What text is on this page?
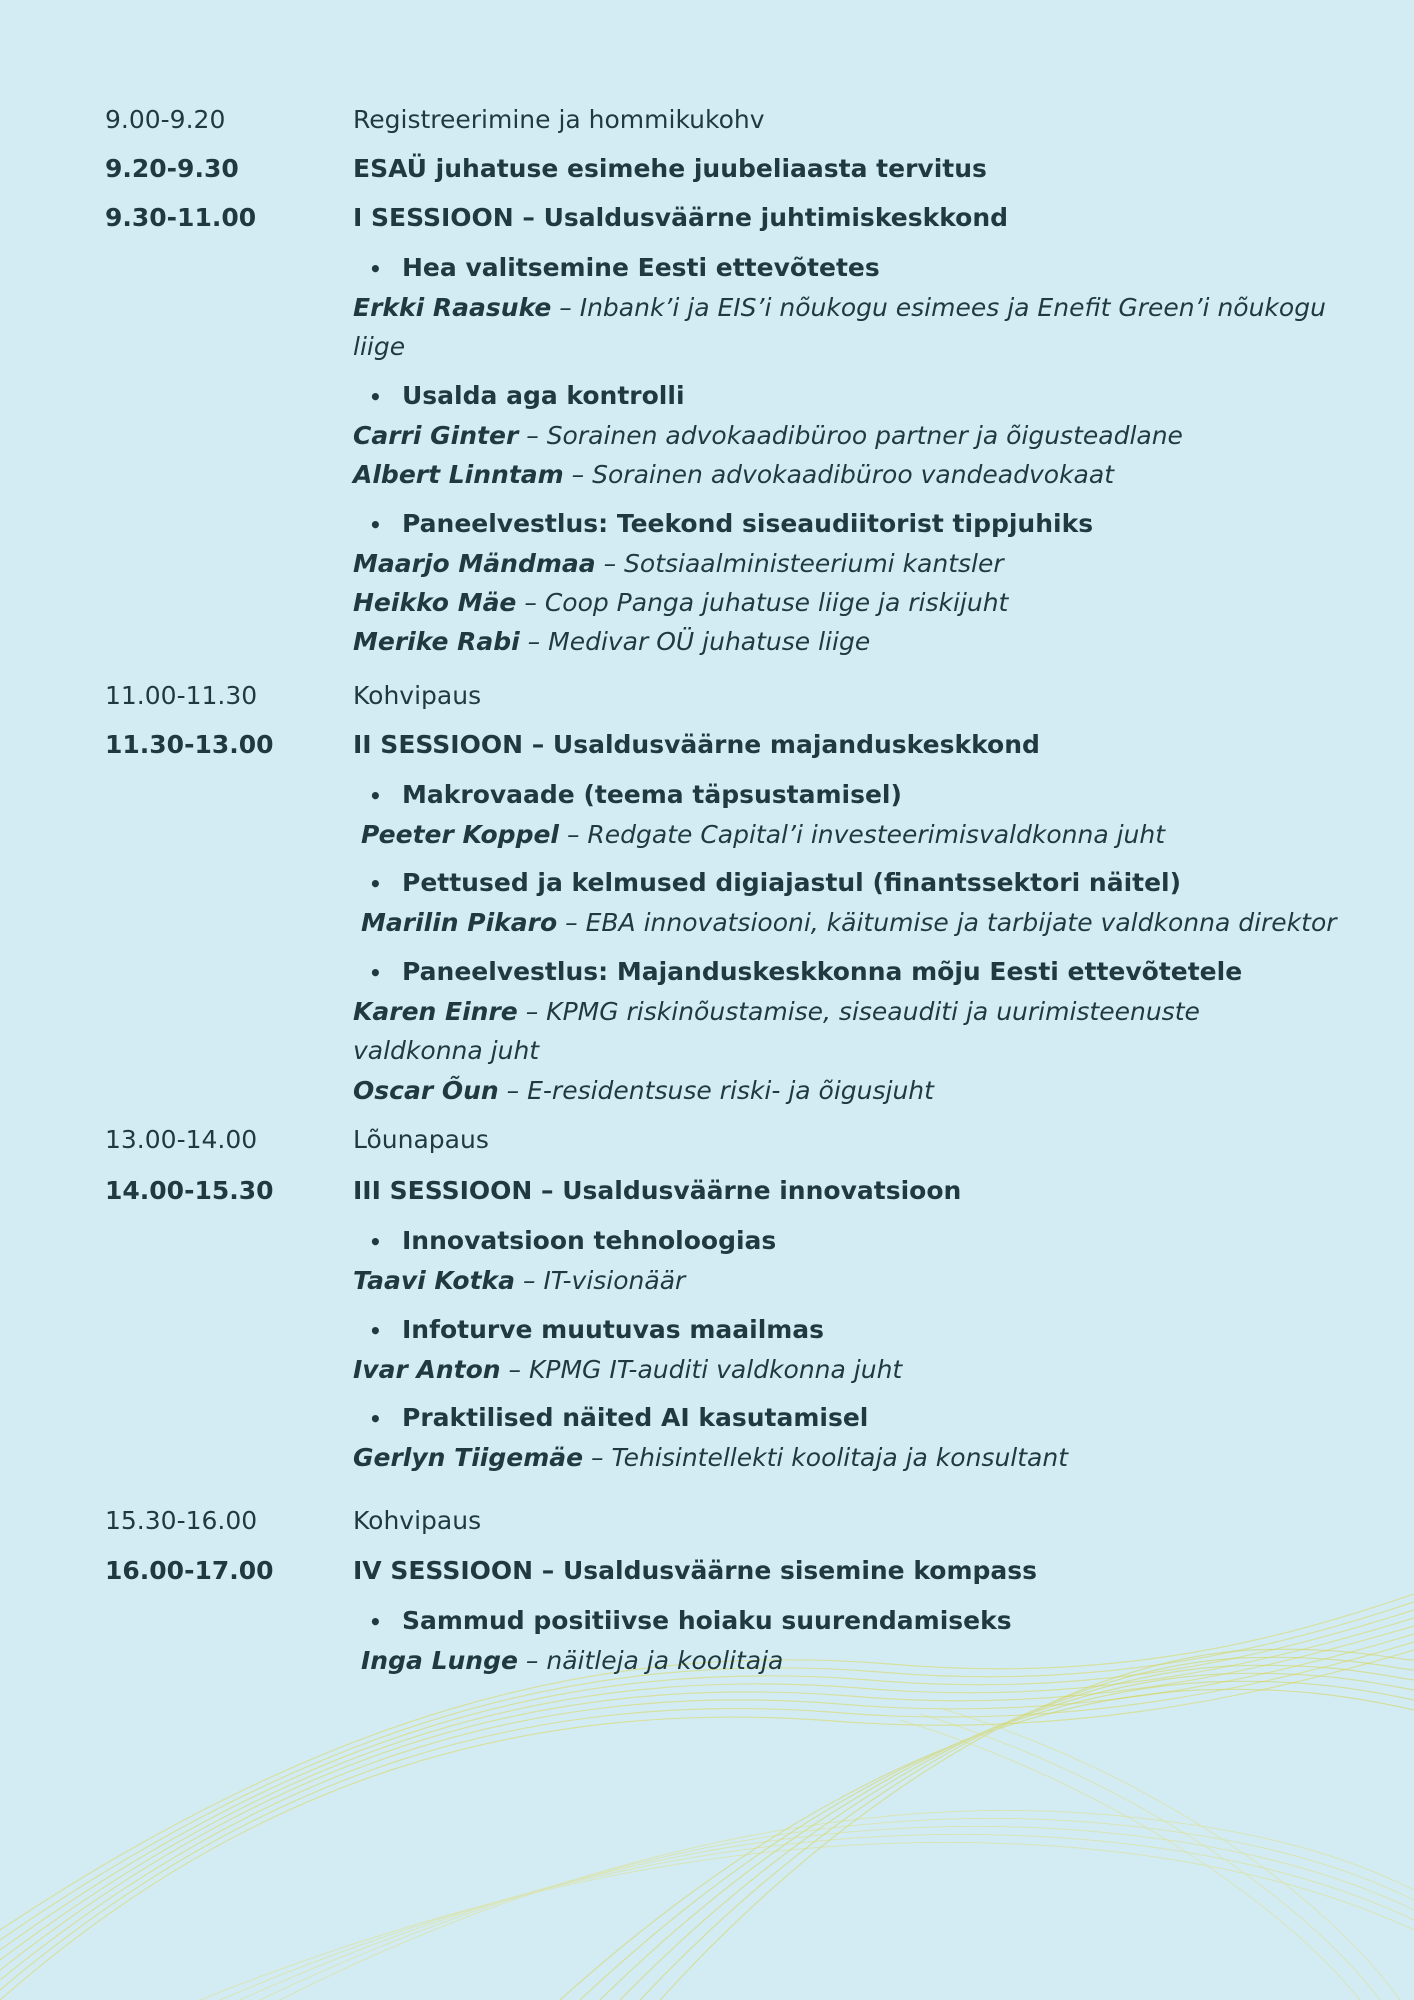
9.00-9.20	Registreerimine ja hommikukohv
9.20-9.30	ESAÜ juhatuse esimehe juubeliaasta tervitus
9.30-11.00	I SESSIOON – Usaldusväärne juhtimiskeskkond
• Hea valitsemine Eesti ettevõtetes
Erkki Raasuke – Inbank’i ja EIS’i nõukogu esimees ja Enefit Green’i nõukogu
liige
• Usalda aga kontrolli
Carri Ginter – Sorainen advokaadibüroo partner ja õigusteadlane
Albert Linntam – Sorainen advokaadibüroo vandeadvokaat
• Paneelvestlus: Teekond siseaudiitorist tippjuhiks
Maarjo Mändmaa – Sotsiaalministeeriumi kantsler
Heikko Mäe – Coop Panga juhatuse liige ja riskijuht
Merike Rabi – Medivar OÜ juhatuse liige
11.00-11.30	Kohvipaus
11.30-13.00	II SESSIOON – Usaldusväärne majanduskeskkond
• Makrovaade (teema täpsustamisel)
Peeter Koppel – Redgate Capital’i investeerimisvaldkonna juht
• Pettused ja kelmused digiajastul (finantssektori näitel)
Marilin Pikaro – EBA innovatsiooni, käitumise ja tarbijate valdkonna direktor
• Paneelvestlus: Majanduskeskkonna mõju Eesti ettevõtetele
Karen Einre – KPMG riskinõustamise, siseauditi ja uurimisteenuste
valdkonna juht
Oscar Õun – E-residentsuse riski- ja õigusjuht
13.00-14.00	Lõunapaus
14.00-15.30	III SESSIOON – Usaldusväärne innovatsioon
• Innovatsioon tehnoloogias
Taavi Kotka – IT-visionäär
• Infoturve muutuvas maailmas
Ivar Anton – KPMG IT-auditi valdkonna juht
• Praktilised näited AI kasutamisel
Gerlyn Tiigemäe – Tehisintellekti koolitaja ja konsultant
15.30-16.00	Kohvipaus
16.00-17.00	IV SESSIOON – Usaldusväärne sisemine kompass
• Sammud positiivse hoiaku suurendamiseks
Inga Lunge – näitleja ja koolitaja
